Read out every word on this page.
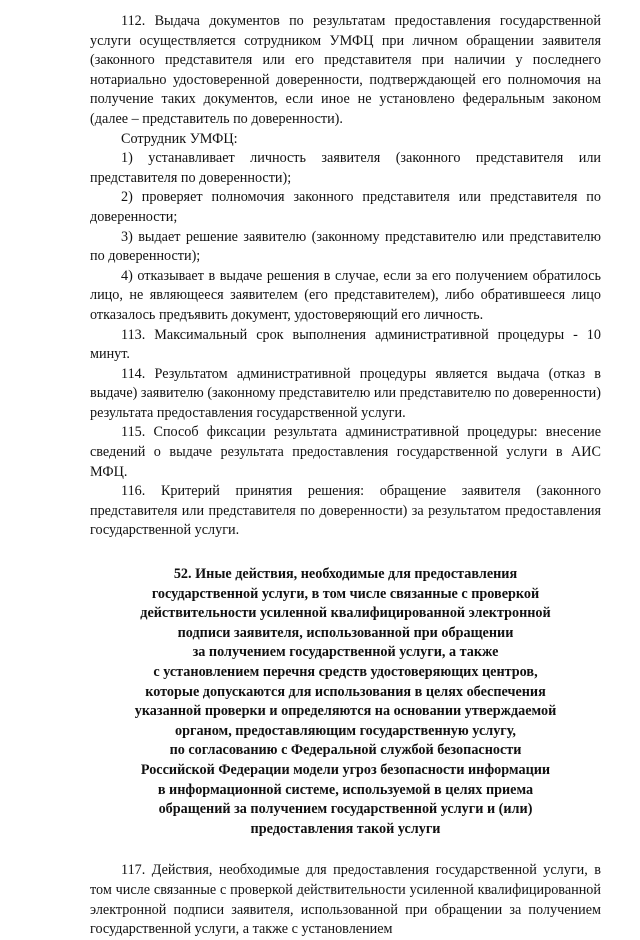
112. Выдача документов по результатам предоставления государственной услуги осуществляется сотрудником УМФЦ при личном обращении заявителя (законного представителя или его представителя при наличии у последнего нотариально удостоверенной доверенности, подтверждающей его полномочия на получение таких документов, если иное не установлено федеральным законом (далее – представитель по доверенности).

Сотрудник УМФЦ:

1) устанавливает личность заявителя (законного представителя или представителя по доверенности);

2) проверяет полномочия законного представителя или представителя по доверенности;

3) выдает решение заявителю (законному представителю или представителю по доверенности);

4) отказывает в выдаче решения в случае, если за его получением обратилось лицо, не являющееся заявителем (его представителем), либо обратившееся лицо отказалось предъявить документ, удостоверяющий его личность.

113. Максимальный срок выполнения административной процедуры - 10 минут.

114. Результатом административной процедуры является выдача (отказ в выдаче) заявителю (законному представителю или представителю по доверенности) результата предоставления государственной услуги.

115. Способ фиксации результата административной процедуры: внесение сведений о выдаче результата предоставления государственной услуги в АИС МФЦ.

116. Критерий принятия решения: обращение заявителя (законного представителя или представителя по доверенности) за результатом предоставления государственной услуги.

52. Иные действия, необходимые для предоставления
государственной услуги, в том числе связанные с проверкой
действительности усиленной квалифицированной электронной
подписи заявителя, использованной при обращении
за получением государственной услуги, а также
с установлением перечня средств удостоверяющих центров,
которые допускаются для использования в целях обеспечения
указанной проверки и определяются на основании утверждаемой
органом, предоставляющим государственную услугу,
по согласованию с Федеральной службой безопасности
Российской Федерации модели угроз безопасности информации
в информационной системе, используемой в целях приема
обращений за получением государственной услуги и (или)
предоставления такой услуги

117. Действия, необходимые для предоставления государственной услуги, в том числе связанные с проверкой действительности усиленной квалифицированной электронной подписи заявителя, использованной при обращении за получением государственной услуги, а также с установлением
